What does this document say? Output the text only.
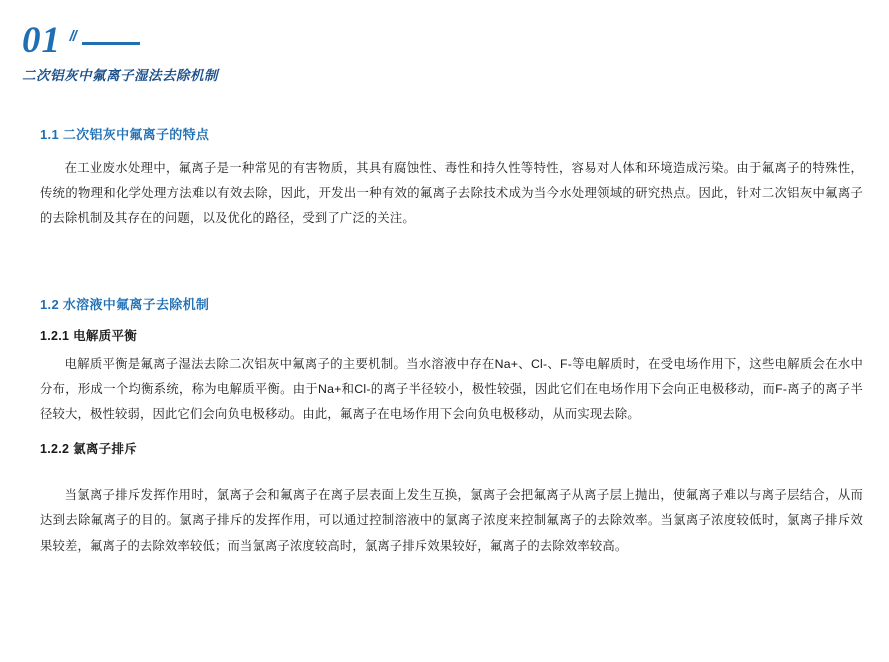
01 //
二次铝灰中氟离子湿法去除机制
1.1 二次铝灰中氟离子的特点

在工业废水处理中，氟离子是一种常见的有害物质，其具有腐蚀性、毒性和持久性等特性，容易对人体和环境造成污染。由于氟离子的特殊性，传统的物理和化学处理方法难以有效去除，因此，开发出一种有效的氟离子去除技术成为当今水处理领域的研究热点。因此，针对二次铝灰中氟离子的去除机制及其存在的问题，以及优化的路径，受到了广泛的关注。

1.2 水溶液中氟离子去除机制
1.2.1 电解质平衡

电解质平衡是氟离子湿法去除二次铝灰中氟离子的主要机制。当水溶液中存在Na+、Cl-、F-等电解质时，在受电场作用下，这些电解质会在水中分布，形成一个均衡系统，称为电解质平衡。由于Na+和Cl-的离子半径较小，极性较强，因此它们在电场作用下会向正电极移动，而F-离子的离子半径较大，极性较弱，因此它们会向负电极移动。由此，氟离子在电场作用下会向负电极移动，从而实现去除。

1.2.2 氯离子排斥

当氯离子排斥发挥作用时，氯离子会和氟离子在离子层表面上发生互换，氯离子会把氟离子从离子层上抛出，使氟离子难以与离子层结合，从而达到去除氟离子的目的。氯离子排斥的发挥作用，可以通过控制溶液中的氯离子浓度来控制氟离子的去除效率。当氯离子浓度较低时，氯离子排斥效果较差，氟离子的去除效率较低；而当氯离子浓度较高时，氯离子排斥效果较好，氟离子的去除效率较高。
